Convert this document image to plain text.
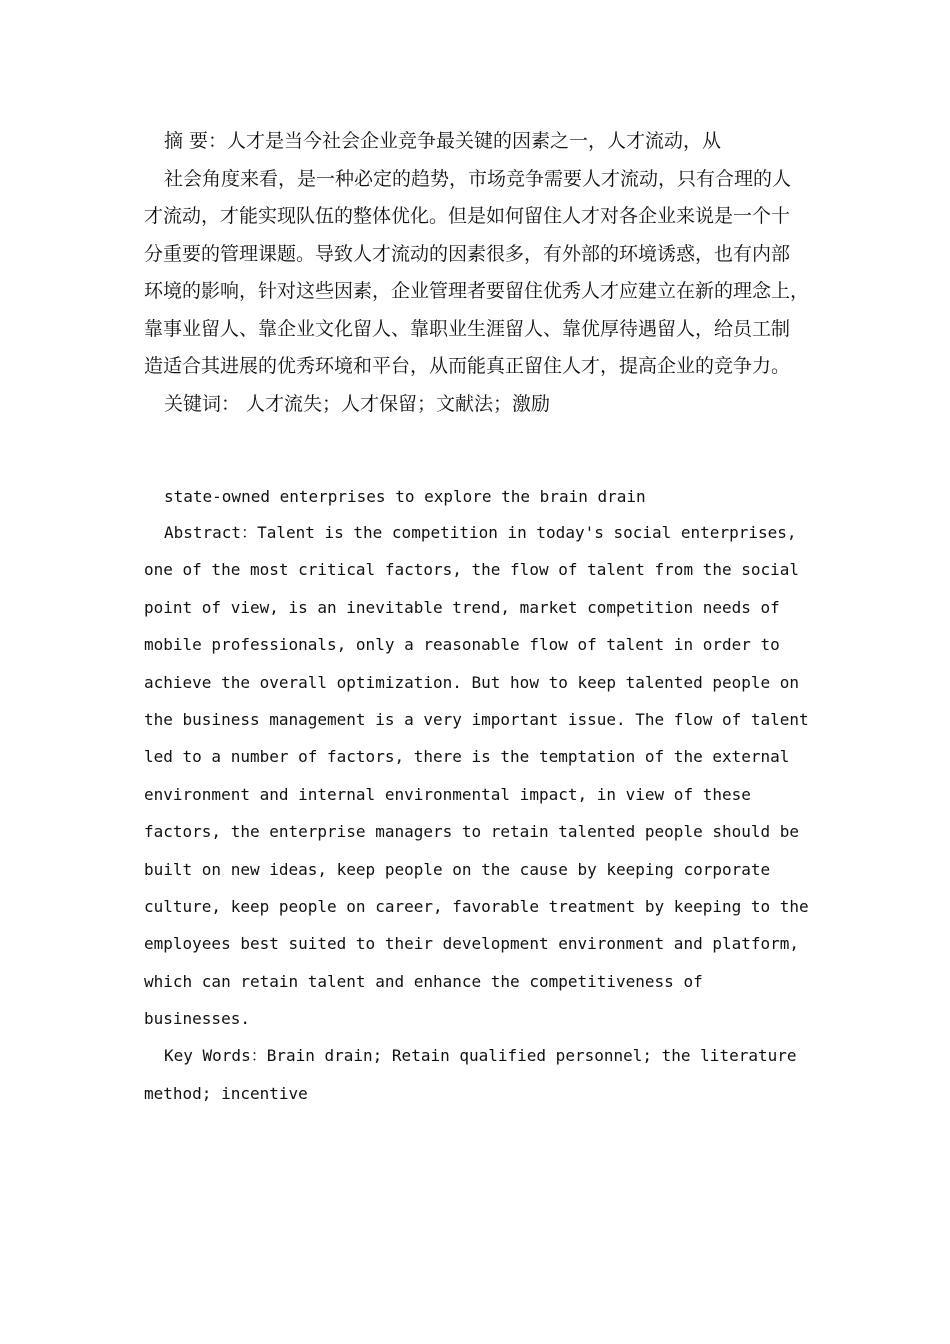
摘 要：人才是当今社会企业竞争最关键的因素之一，人才流动，从
社会角度来看，是一种必定的趋势，市场竞争需要人才流动，只有合理的人
才流动，才能实现队伍的整体优化。但是如何留住人才对各企业来说是一个十
分重要的管理课题。导致人才流动的因素很多，有外部的环境诱惑，也有内部
环境的影响，针对这些因素，企业管理者要留住优秀人才应建立在新的理念上，
靠事业留人、靠企业文化留人、靠职业生涯留人、靠优厚待遇留人，给员工制
造适合其进展的优秀环境和平台，从而能真正留住人才，提高企业的竞争力。
关键词： 人才流失；人才保留；文献法；激励
state-owned enterprises to explore the brain drain
Abstract：Talent is the competition in today's social enterprises,
one of the most critical factors, the flow of talent from the social
point of view, is an inevitable trend, market competition needs of
mobile professionals, only a reasonable flow of talent in order to
achieve the overall optimization. But how to keep talented people on
the business management is a very important issue. The flow of talent
led to a number of factors, there is the temptation of the external
environment and internal environmental impact, in view of these
factors, the enterprise managers to retain talented people should be
built on new ideas, keep people on the cause by keeping corporate
culture, keep people on career, favorable treatment by keeping to the
employees best suited to their development environment and platform,
which can retain talent and enhance the competitiveness of
businesses.
Key Words：Brain drain; Retain qualified personnel; the literature
method; incentive
